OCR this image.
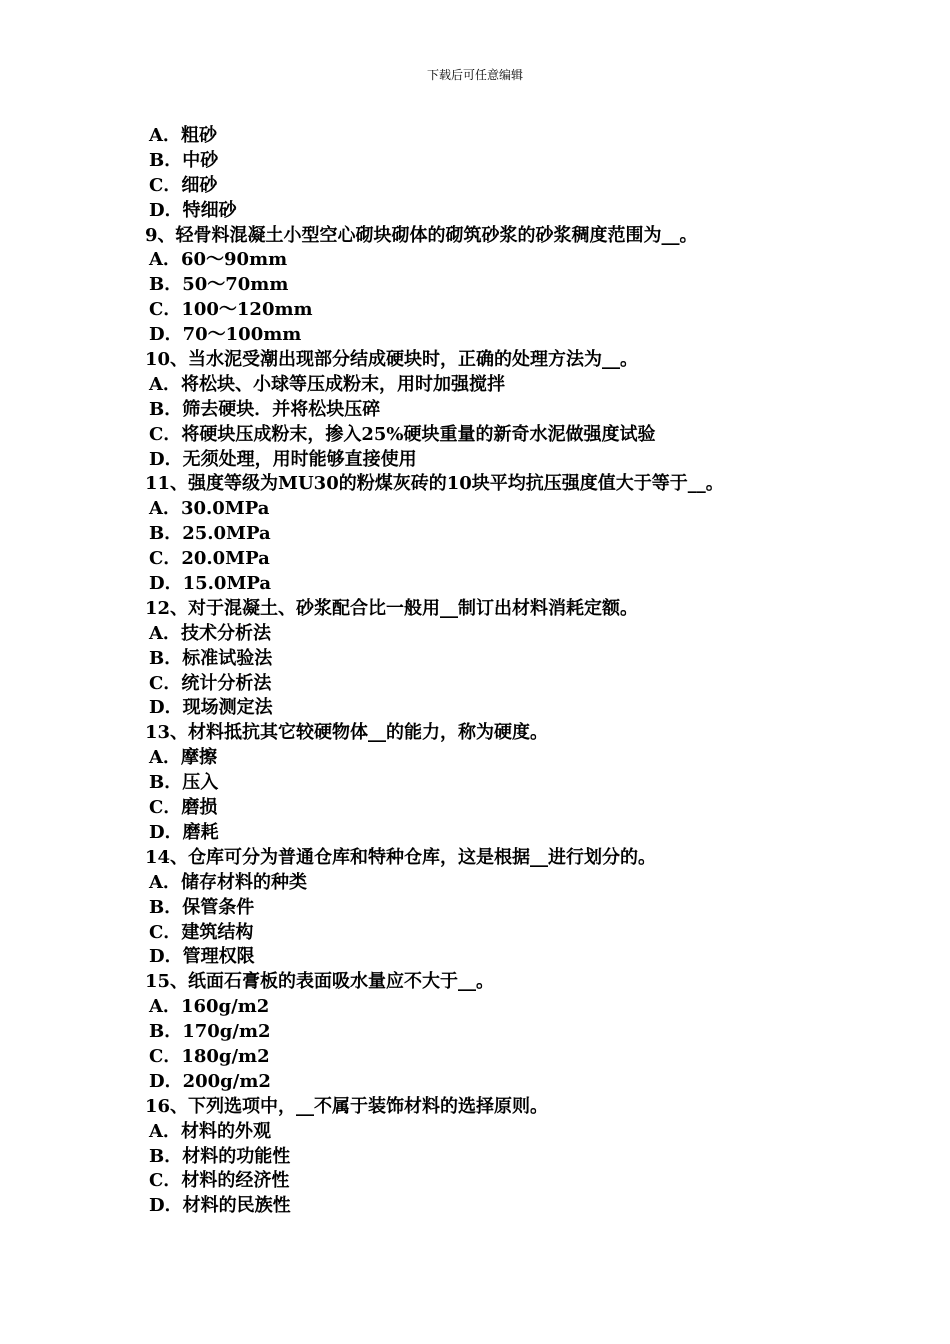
下载后可任意编辑
A．粗砂
B．中砂
C．细砂
D．特细砂
9、轻骨料混凝土小型空心砌块砌体的砌筑砂浆的砂浆稠度范围为__。
A．60～90mm
B．50～70mm
C．100～120mm
D．70～100mm
10、当水泥受潮出现部分结成硬块时，正确的处理方法为__。
A．将松块、小球等压成粉末，用时加强搅拌
B．筛去硬块．并将松块压碎
C．将硬块压成粉末，掺入25%硬块重量的新奇水泥做强度试验
D．无须处理，用时能够直接使用
11、强度等级为MU30的粉煤灰砖的10块平均抗压强度值大于等于__。
A．30.0MPa
B．25.0MPa
C．20.0MPa
D．15.0MPa
12、对于混凝土、砂浆配合比一般用__制订出材料消耗定额。
A．技术分析法
B．标准试验法
C．统计分析法
D．现场测定法
13、材料抵抗其它较硬物体__的能力，称为硬度。
A．摩擦
B．压入
C．磨损
D．磨耗
14、仓库可分为普通仓库和特种仓库，这是根据__进行划分的。
A．储存材料的种类
B．保管条件
C．建筑结构
D．管理权限
15、纸面石膏板的表面吸水量应不大于__。
A．160g/m2
B．170g/m2
C．180g/m2
D．200g/m2
16、下列选项中，__不属于装饰材料的选择原则。
A．材料的外观
B．材料的功能性
C．材料的经济性
D．材料的民族性
